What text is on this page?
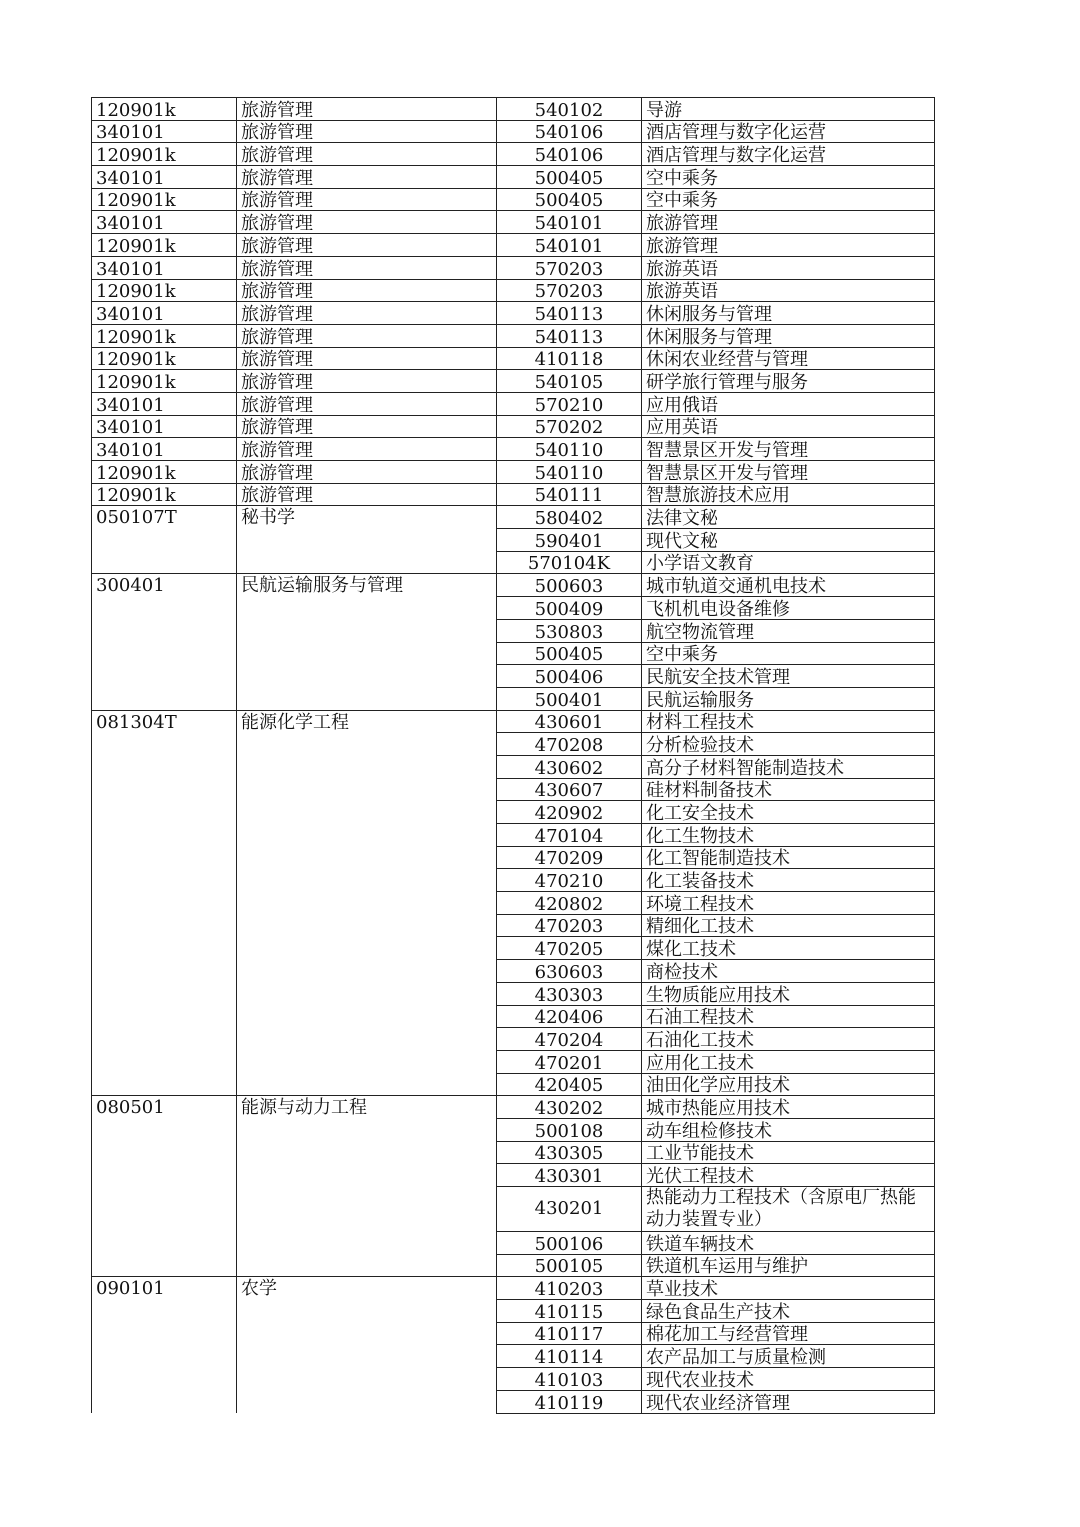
120901k	旅游管理	540102	导游
340101	旅游管理	540106	酒店管理与数字化运营
120901k	旅游管理	540106	酒店管理与数字化运营
340101	旅游管理	500405	空中乘务
120901k	旅游管理	500405	空中乘务
340101	旅游管理	540101	旅游管理
120901k	旅游管理	540101	旅游管理
340101	旅游管理	570203	旅游英语
120901k	旅游管理	570203	旅游英语
340101	旅游管理	540113	休闲服务与管理
120901k	旅游管理	540113	休闲服务与管理
120901k	旅游管理	410118	休闲农业经营与管理
120901k	旅游管理	540105	研学旅行管理与服务
340101	旅游管理	570210	应用俄语
340101	旅游管理	570202	应用英语
340101	旅游管理	540110	智慧景区开发与管理
120901k	旅游管理	540110	智慧景区开发与管理
120901k	旅游管理	540111	智慧旅游技术应用
050107T	秘书学	580402	法律文秘
		590401	现代文秘
		570104K	小学语文教育
300401	民航运输服务与管理	500603	城市轨道交通机电技术
		500409	飞机机电设备维修
		530803	航空物流管理
		500405	空中乘务
		500406	民航安全技术管理
		500401	民航运输服务
081304T	能源化学工程	430601	材料工程技术
		470208	分析检验技术
		430602	高分子材料智能制造技术
		430607	硅材料制备技术
		420902	化工安全技术
		470104	化工生物技术
		470209	化工智能制造技术
		470210	化工装备技术
		420802	环境工程技术
		470203	精细化工技术
		470205	煤化工技术
		630603	商检技术
		430303	生物质能应用技术
		420406	石油工程技术
		470204	石油化工技术
		470201	应用化工技术
		420405	油田化学应用技术
080501	能源与动力工程	430202	城市热能应用技术
		500108	动车组检修技术
		430305	工业节能技术
		430301	光伏工程技术
		430201	热能动力工程技术（含原电厂热能动力装置专业）
		500106	铁道车辆技术
		500105	铁道机车运用与维护
090101	农学	410203	草业技术
		410115	绿色食品生产技术
		410117	棉花加工与经营管理
		410114	农产品加工与质量检测
		410103	现代农业技术
		410119	现代农业经济管理
